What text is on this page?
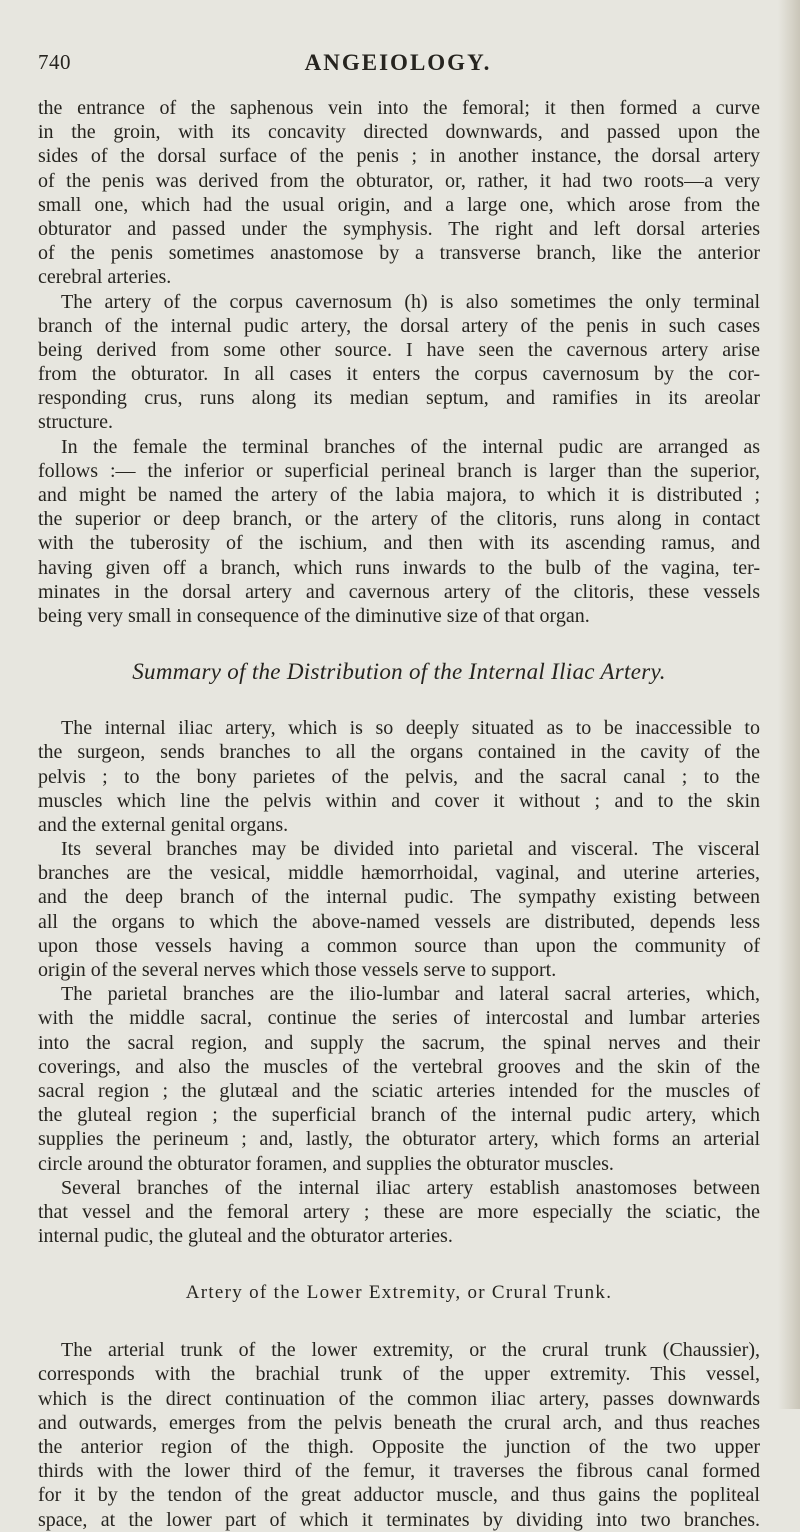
740	ANGEIOLOGY.
the entrance of the saphenous vein into the femoral; it then formed a curve
in the groin, with its concavity directed downwards, and passed upon the
sides of the dorsal surface of the penis ; in another instance, the dorsal artery
of the penis was derived from the obturator, or, rather, it had two roots—a very
small one, which had the usual origin, and a large one, which arose from the
obturator and passed under the symphysis. The right and left dorsal arteries
of the penis sometimes anastomose by a transverse branch, like the anterior
cerebral arteries.
The artery of the corpus cavernosum (h) is also sometimes the only terminal
branch of the internal pudic artery, the dorsal artery of the penis in such cases
being derived from some other source. I have seen the cavernous artery arise
from the obturator. In all cases it enters the corpus cavernosum by the cor-
responding crus, runs along its median septum, and ramifies in its areolar
structure.
In the female the terminal branches of the internal pudic are arranged as
follows :— the inferior or superficial perineal branch is larger than the superior,
and might be named the artery of the labia majora, to which it is distributed ;
the superior or deep branch, or the artery of the clitoris, runs along in contact
with the tuberosity of the ischium, and then with its ascending ramus, and
having given off a branch, which runs inwards to the bulb of the vagina, ter-
minates in the dorsal artery and cavernous artery of the clitoris, these vessels
being very small in consequence of the diminutive size of that organ.
Summary of the Distribution of the Internal Iliac Artery.
The internal iliac artery, which is so deeply situated as to be inaccessible to
the surgeon, sends branches to all the organs contained in the cavity of the
pelvis ; to the bony parietes of the pelvis, and the sacral canal ; to the
muscles which line the pelvis within and cover it without ; and to the skin
and the external genital organs.
Its several branches may be divided into parietal and visceral. The visceral
branches are the vesical, middle hæmorrhoidal, vaginal, and uterine arteries,
and the deep branch of the internal pudic. The sympathy existing between
all the organs to which the above-named vessels are distributed, depends less
upon those vessels having a common source than upon the community of
origin of the several nerves which those vessels serve to support.
The parietal branches are the ilio-lumbar and lateral sacral arteries, which,
with the middle sacral, continue the series of intercostal and lumbar arteries
into the sacral region, and supply the sacrum, the spinal nerves and their
coverings, and also the muscles of the vertebral grooves and the skin of the
sacral region ; the glutæal and the sciatic arteries intended for the muscles of
the gluteal region ; the superficial branch of the internal pudic artery, which
supplies the perineum ; and, lastly, the obturator artery, which forms an arterial
circle around the obturator foramen, and supplies the obturator muscles.
Several branches of the internal iliac artery establish anastomoses between
that vessel and the femoral artery ; these are more especially the sciatic, the
internal pudic, the gluteal and the obturator arteries.
Artery of the Lower Extremity, or Crural Trunk.
The arterial trunk of the lower extremity, or the crural trunk (Chaussier),
corresponds with the brachial trunk of the upper extremity. This vessel,
which is the direct continuation of the common iliac artery, passes downwards
and outwards, emerges from the pelvis beneath the crural arch, and thus reaches
the anterior region of the thigh. Opposite the junction of the two upper
thirds with the lower third of the femur, it traverses the fibrous canal formed
for it by the tendon of the great adductor muscle, and thus gains the popliteal
space, at the lower part of which it terminates by dividing into two branches.
